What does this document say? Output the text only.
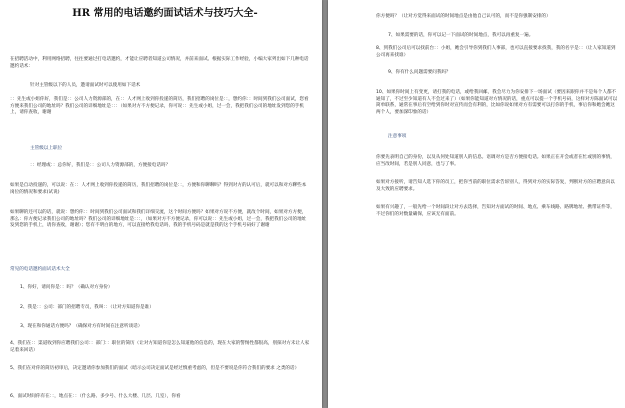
HR 常用的电话邀约面试话术与技巧大全-

在招聘活动中，利用网络招聘，往往要通过打电话邀约，才能让应聘者知道公司情况，并前来面试。根据实际工作经验，小编大家列出如下几种电话邀约话术：

针对主管级以下的人员，邀请面试时可以使用如下话术

：：先生或小姐你好，我们是：：公司人力资源部的，在：：人才网上收到你投递的简历，我们招聘的岗位是：：，想约你：：时间到我们公司面试，您看方便来我们公司的地址吗？我们公司的详细地址是：：：（如果对方不方便记录，你可说：：先生或小姐，过一会，我把我们公司的地址发到您的手机上，请你查收，谢谢

主管级以上职位

：：经理或：：总你好，我们是：：公司人力资源部的，方便接电话吗？

如果是自动投递的，可以说：在：：人才网上收到你投递的简历，我们招聘的岗位是：：，方便和你聊聊吗？得到对方的认可后，就可以和对方聊些本岗位的情况和要求(试说)

如果聊的还可以的话，就说：想约你：：时间到我们公司面试和我们详细交流，这个时间方便吗？如果对方说不方便，就改个时间，如果对方方便，那么：你方便记录我们公司的地址吗？我们公司的详细地址是：：：，（如果对方不方便记录，你可以说：：先生或小姐，过一会，我把我们公司的地址发到您的手机上，请你查收，谢谢）；您有不明白的地方，可以直接给我电话吗，我的手机号码是就是我的这个手机号码好了谢谢

常见的电话邀约面试话术大全

1、你好，请问你是：：吗？（确认对方身份）

2、我是：：公司：部门的招聘专员，我叫：：（让对方知道你是谁）

3、现在和你通话方便吗？（确保对方有时间在注意听谈话）

4、我们在：：渠道收到你应聘我们公司：：部门：：职位的简历（让对方知道你是怎么知道他的信息的，现在大家的警惕性都很高，别探对方未让人家记着来回话）

5、我们在对你的简历初审后，决定邀请你参加我们的面试（暗示公司决定面试是经过慎重考虑的，但是不要说是你符合我们的要求 之类的话）

6、面试时间你有在：：，地点在：：（什么路、多少号、什么大楼、几层、几室），你看

你方便吗？（让对方觉得来面试的时间地点是由他自己认可的，而不是你强制安排的）

7、如果需要的话，你可以记一下面试的时间地点，我可以再重复一遍。

8、到我们公司后可以找前台：：小姐，她会引导你到我们人事部，也可以直接要求找我，我的名字是：：（让人家知道到公司再来找谁）

9、你有什么问题需要问我吗？

10、如果你时间上有变更，请打我的电话，或给我回邮，我会尽力为你安排下一场面试（要因来跟你并不是每个人都不通知了，不过至少知道有人不会过来了）（如果你能知道对方情况的话，重点可以提一个手机号码，这样对方陈面试可以简单联系，通常在事后有空给到你时对宣传而会有利的，比如你说如果对方有需要可以打你的手机，事后你和她会她这两个人，要加深印象的话）

注意事项

你要先表明自己的身份，以及从何处知道别人的信息。语调对方是否方便接电话。如果正在开会或者在忙或别的事情，应当改时间，若是别人同意，也与了事。

如果对方接听，请告知人选下你的员工，把你当前的职位需求告诉别人，得到对方的实际答复，判断对方的应聘意向以及大致的应聘要求。

如果有兴趣了，一般先给一个时间段让对方去选择，告知对方面试的时间、地点、乘车线路、路牌地址、携带证件等，不过你们的对数量确保，应该无有面前。
